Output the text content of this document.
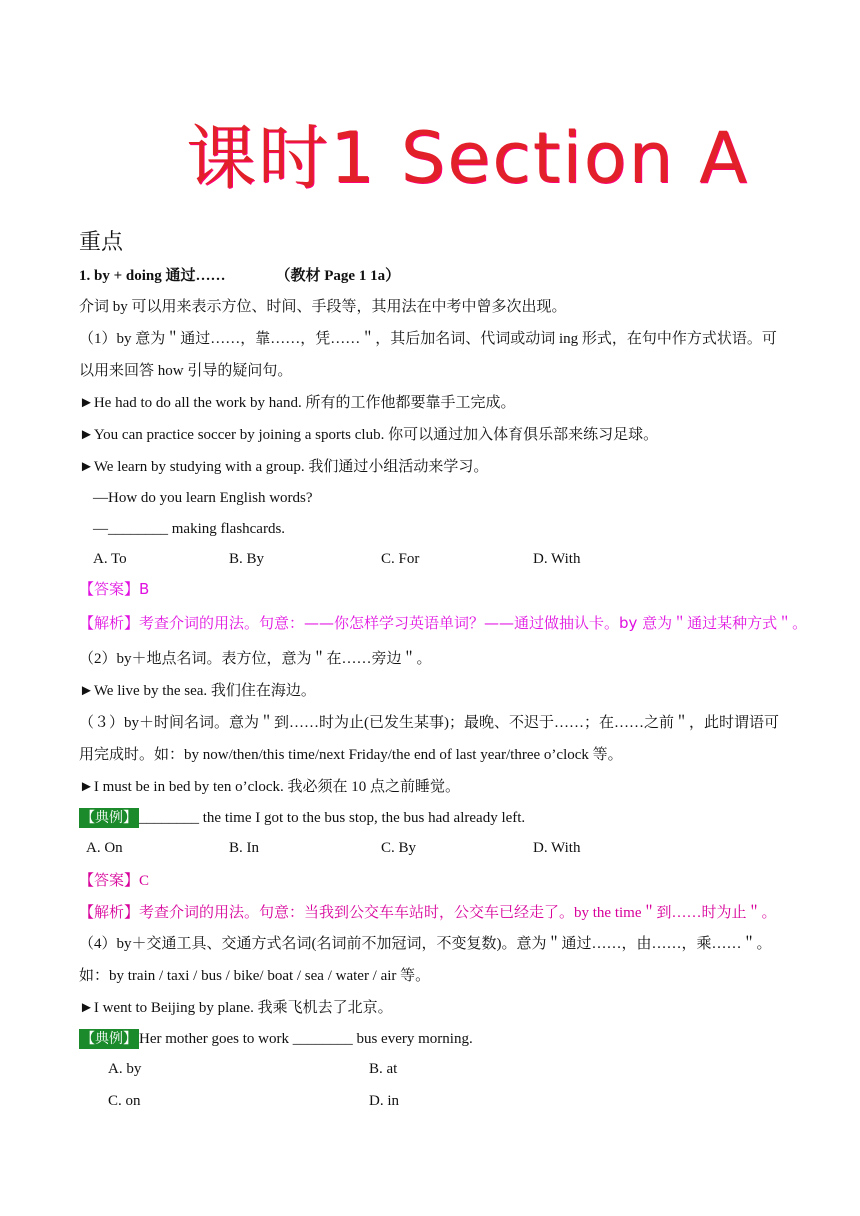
课时1 Section A
重点
1. by + doing 通过……	（教材 Page 1 1a）
介词 by 可以用来表示方位、时间、手段等，其用法在中考中曾多次出现。
（1）by 意为＂通过……，靠……，凭……＂，其后加名词、代词或动词 ing 形式，在句中作方式状语。可
以用来回答 how 引导的疑问句。
►He had to do all the work by hand. 所有的工作他都要靠手工完成。
►You can practice soccer by joining a sports club. 你可以通过加入体育俱乐部来练习足球。
►We learn by studying with a group. 我们通过小组活动来学习。
—How do you learn English words?
—________ making flashcards.
A. To	B. By	C. For	D. With
【答案】B
【解析】考查介词的用法。句意：——你怎样学习英语单词？——通过做抽认卡。by 意为＂通过某种方式＂。
（2）by＋地点名词。表方位，意为＂在……旁边＂。
►We live by the sea. 我们住在海边。
（３）by＋时间名词。意为＂到……时为止(已发生某事)；最晚、不迟于……；在……之前＂，此时谓语可
用完成时。如：by now/then/this time/next Friday/the end of last year/three o’clock 等。
►I must be in bed by ten o’clock. 我必须在 10 点之前睡觉。
【典例】 ________ the time I got to the bus stop, the bus had already left.
A. On	B. In	C. By	D. With
【答案】C
【解析】考查介词的用法。句意：当我到公交车车站时，公交车已经走了。by the time＂到……时为止＂。
（4）by＋交通工具、交通方式名词(名词前不加冠词，不变复数)。意为＂通过……，由……，乘……＂。
如：by train / taxi / bus / bike/ boat / sea / water / air 等。
►I went to Beijing by plane. 我乘飞机去了北京。
【典例】 Her mother goes to work ________ bus every morning.
A. by	B. at
C. on	D. in
